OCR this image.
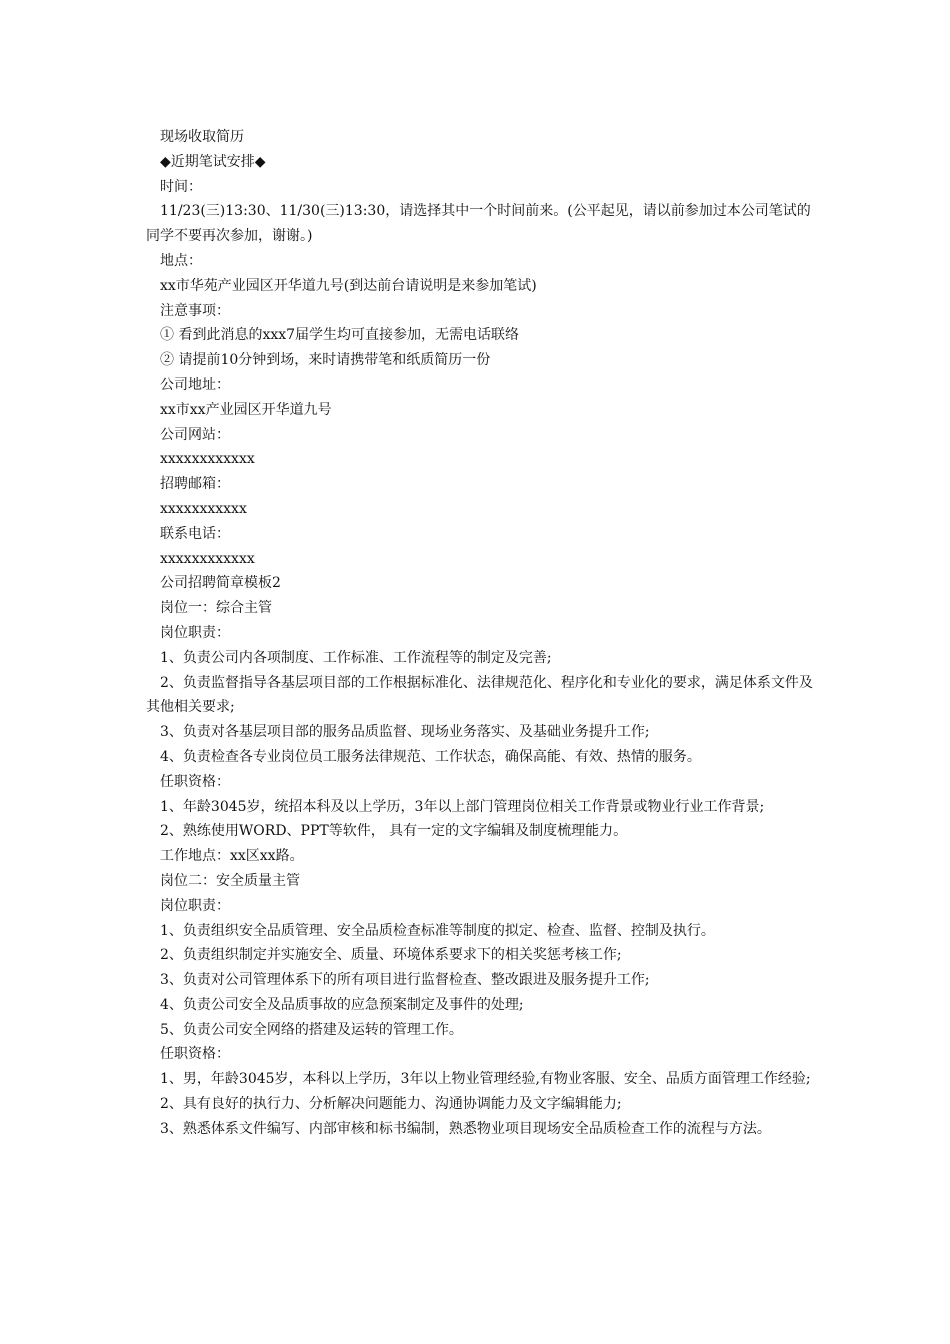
现场收取简历

◆近期笔试安排◆

时间：

11/23(三)13:30、11/30(三)13:30，请选择其中一个时间前来。(公平起见，请以前参加过本公司笔试的同学不要再次参加，谢谢。)

地点：

xx市华苑产业园区开华道九号(到达前台请说明是来参加笔试)

注意事项：

① 看到此消息的xxx7届学生均可直接参加，无需电话联络

② 请提前10分钟到场，来时请携带笔和纸质简历一份

公司地址：

xx市xx产业园区开华道九号

公司网站：

xxxxxxxxxxxx

招聘邮箱：

xxxxxxxxxxx

联系电话：

xxxxxxxxxxxx

公司招聘简章模板2

岗位一：综合主管

岗位职责：

1、负责公司内各项制度、工作标准、工作流程等的制定及完善;

2、负责监督指导各基层项目部的工作根据标准化、法律规范化、程序化和专业化的要求，满足体系文件及其他相关要求;

3、负责对各基层项目部的服务品质监督、现场业务落实、及基础业务提升工作;

4、负责检查各专业岗位员工服务法律规范、工作状态，确保高能、有效、热情的服务。

任职资格：

1、年龄3045岁，统招本科及以上学历，3年以上部门管理岗位相关工作背景或物业行业工作背景;

2、熟练使用WORD、PPT等软件， 具有一定的文字编辑及制度梳理能力。

工作地点：xx区xx路。

岗位二：安全质量主管

岗位职责：

1、负责组织安全品质管理、安全品质检查标准等制度的拟定、检查、监督、控制及执行。

2、负责组织制定并实施安全、质量、环境体系要求下的相关奖惩考核工作;

3、负责对公司管理体系下的所有项目进行监督检查、整改跟进及服务提升工作;

4、负责公司安全及品质事故的应急预案制定及事件的处理;

5、负责公司安全网络的搭建及运转的管理工作。

任职资格：

1、男，年龄3045岁，本科以上学历，3年以上物业管理经验,有物业客服、安全、品质方面管理工作经验;

2、具有良好的执行力、分析解决问题能力、沟通协调能力及文字编辑能力;

3、熟悉体系文件编写、内部审核和标书编制，熟悉物业项目现场安全品质检查工作的流程与方法。
